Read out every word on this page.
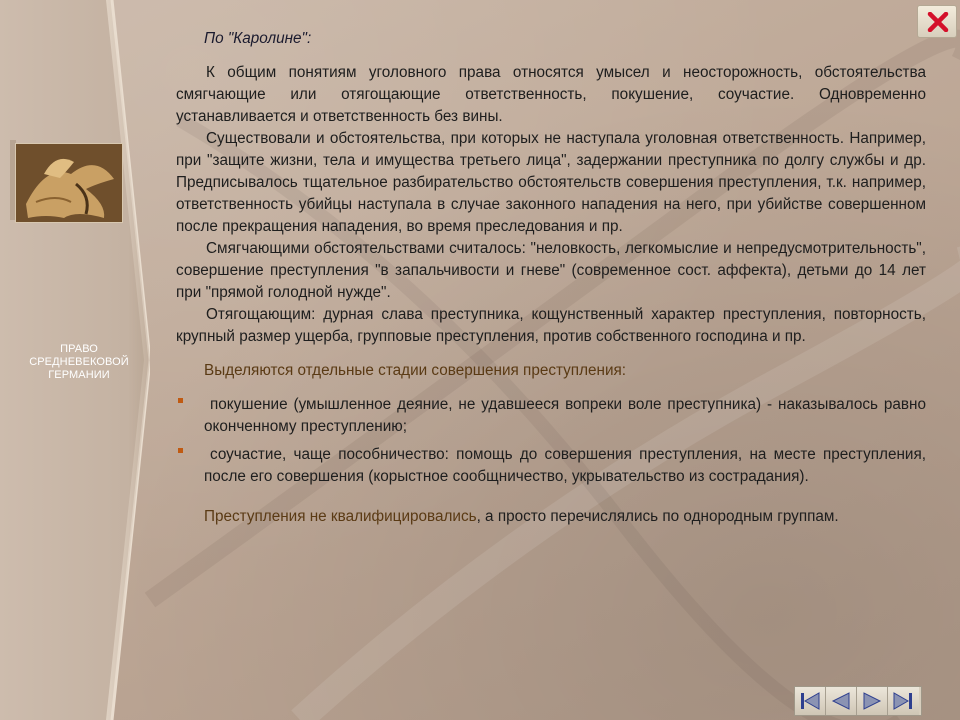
ПРАВО
СРЕДНЕВЕКОВОЙ
ГЕРМАНИИ

По "Каролине":

К общим понятиям уголовного права относятся умысел и неосторожность, обстоятельства смягчающие или отягощающие ответственность, покушение, соучастие. Одновременно устанавливается и ответственность без вины.

Существовали и обстоятельства, при которых не наступала уголовная ответственность. Например, при "защите жизни, тела и имущества третьего лица", задержании преступника по долгу службы и др. Предписывалось тщательное разбирательство обстоятельств совершения преступления, т.к. например, ответственность убийцы наступала в случае законного нападения на него, при убийстве совершенном после прекращения нападения, во время преследования и пр.

Смягчающими обстоятельствами считалось: "неловкость, легкомыслие и непредусмотрительность", совершение преступления "в запальчивости и гневе" (современное сост. аффекта), детьми до 14 лет при "прямой голодной нужде".

Отягощающим: дурная слава преступника, кощунственный характер преступления, повторность, крупный размер ущерба, групповые преступления, против собственного господина и пр.

Выделяются отдельные стадии совершения преступления:

покушение (умышленное деяние, не удавшееся вопреки воле преступника) - наказывалось равно оконченному преступлению;
соучастие, чаще пособничество: помощь до совершения преступления, на месте преступления, после его совершения (корыстное сообщничество, укрывательство из сострадания).

Преступления не квалифицировались, а просто перечислялись по однородным группам.
